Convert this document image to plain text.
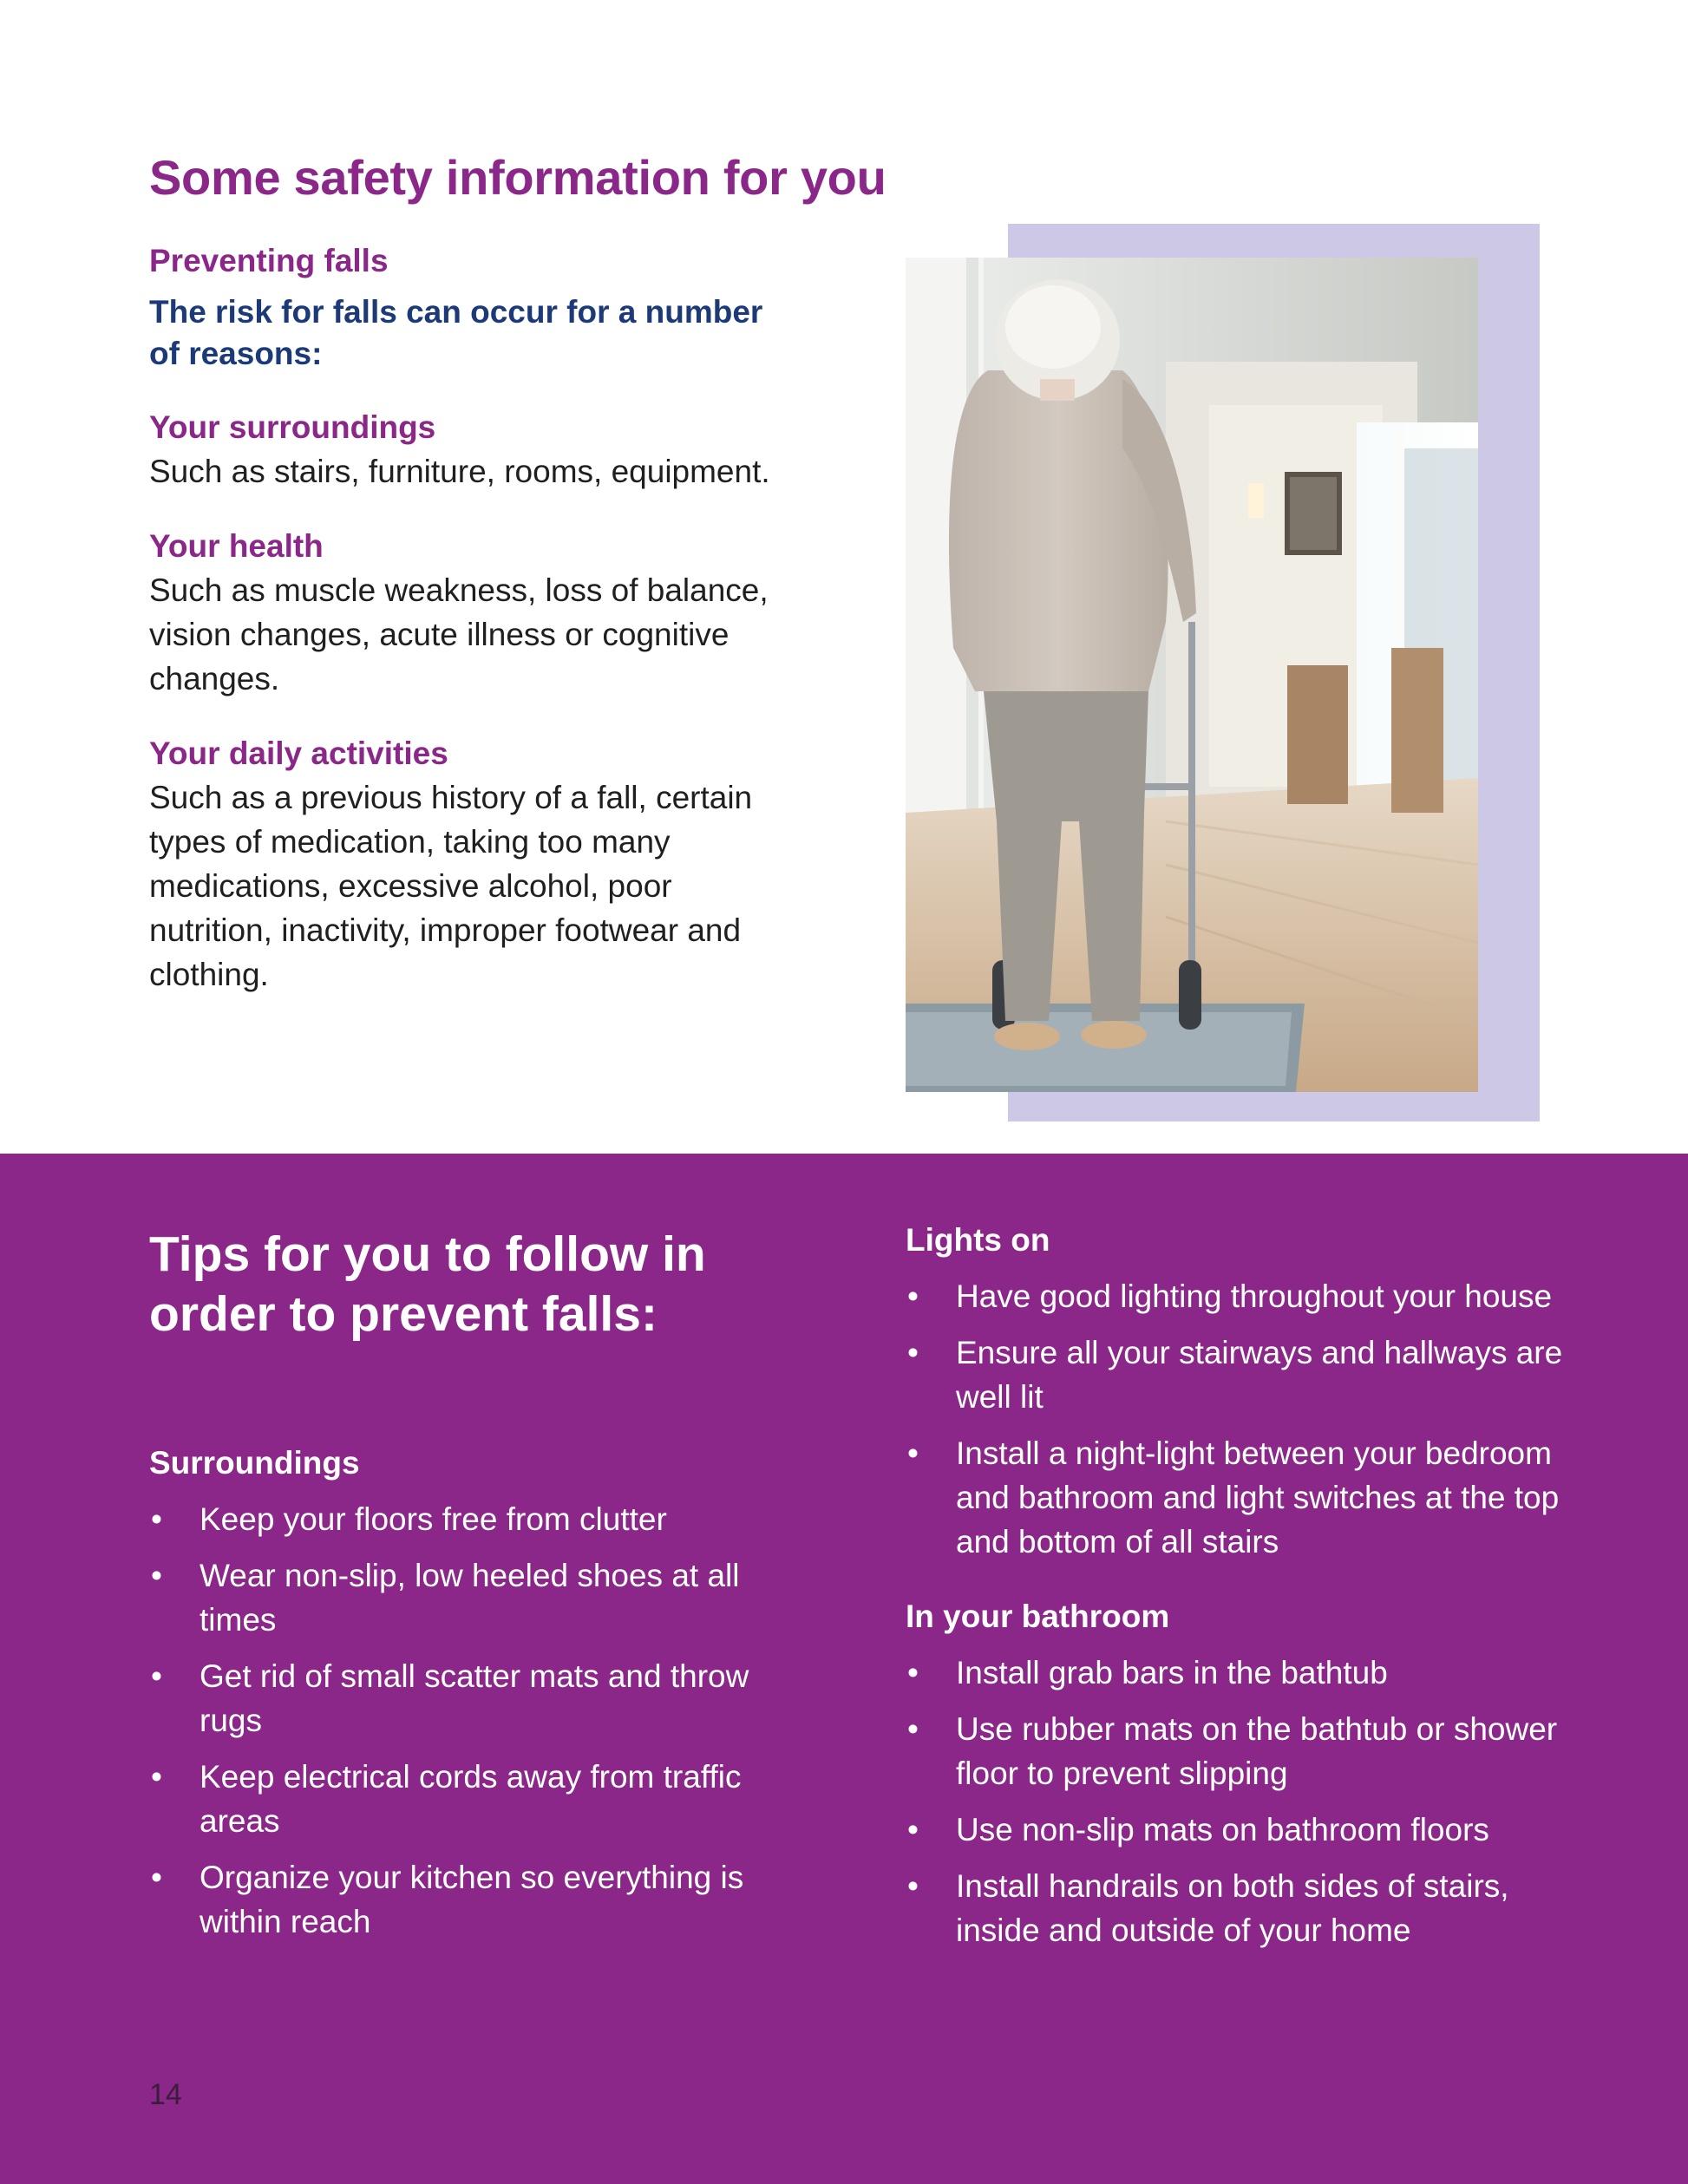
Some safety information for you
Preventing falls

The risk for falls can occur for a number of reasons:

Your surroundings

Such as stairs, furniture, rooms, equipment.

Your health

Such as muscle weakness, loss of balance, vision changes, acute illness or cognitive changes.

Your daily activities

Such as a previous history of a fall, certain types of medication, taking too many medications, excessive alcohol, poor nutrition, inactivity, improper footwear and clothing.

Tips for you to follow in order to prevent falls:
Surroundings
• Keep your floors free from clutter
• Wear non-slip, low heeled shoes at all times
• Get rid of small scatter mats and throw rugs
• Keep electrical cords away from traffic areas
• Organize your kitchen so everything is within reach
Lights on
• Have good lighting throughout your house
• Ensure all your stairways and hallways are well lit
• Install a night-light between your bedroom and bathroom and light switches at the top and bottom of all stairs
In your bathroom
• Install grab bars in the bathtub
• Use rubber mats on the bathtub or shower floor to prevent slipping
• Use non-slip mats on bathroom floors
• Install handrails on both sides of stairs, inside and outside of your home

14
